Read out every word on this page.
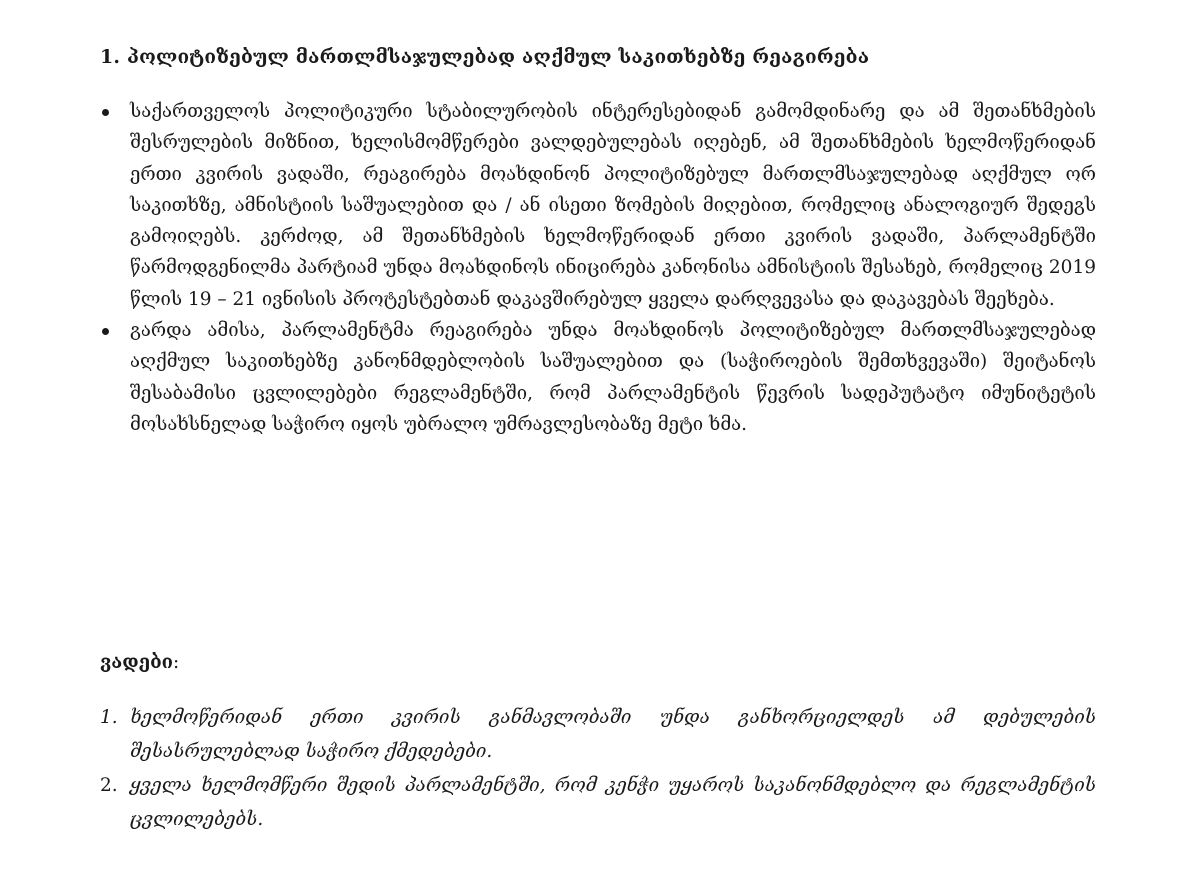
1. პოლიტიზებულ მართლმსაჯულებად აღქმულ საკითხებზე რეაგირება
საქართველოს პოლიტიკური სტაბილურობის ინტერესებიდან გამომდინარე და ამ შეთანხმების შესრულების მიზნით, ხელისმომწერები ვალდებულებას იღებენ, ამ შეთანხმების ხელმოწერიდან ერთი კვირის ვადაში, რეაგირება მოახდინონ პოლიტიზებულ მართლმსაჯულებად აღქმულ ორ საკითხზე, ამნისტიის საშუალებით და / ან ისეთი ზომების მიღებით, რომელიც ანალოგიურ შედეგს გამოიღებს. კერძოდ, ამ შეთანხმების ხელმოწერიდან ერთი კვირის ვადაში, პარლამენტში წარმოდგენილმა პარტიამ უნდა მოახდინოს ინიცირება კანონისა ამნისტიის შესახებ, რომელიც 2019 წლის 19 – 21 ივნისის პროტესტებთან დაკავშირებულ ყველა დარღვევასა და დაკავებას შეეხება.
გარდა ამისა, პარლამენტმა რეაგირება უნდა მოახდინოს პოლიტიზებულ მართლმსაჯულებად აღქმულ საკითხებზე კანონმდებლობის საშუალებით და (საჭიროების შემთხვევაში) შეიტანოს შესაბამისი ცვლილებები რეგლამენტში, რომ პარლამენტის წევრის სადეპუტატო იმუნიტეტის მოსახსნელად საჭირო იყოს უბრალო უმრავლესობაზე მეტი ხმა.
ვადები:
1. ხელმოწერიდან ერთი კვირის განმავლობაში უნდა განხორციელდეს ამ დებულების შესასრულებლად საჭირო ქმედებები.
2. ყველა ხელმომწერი შედის პარლამენტში, რომ კენჭი უყაროს საკანონმდებლო და რეგლამენტის ცვლილებებს.
